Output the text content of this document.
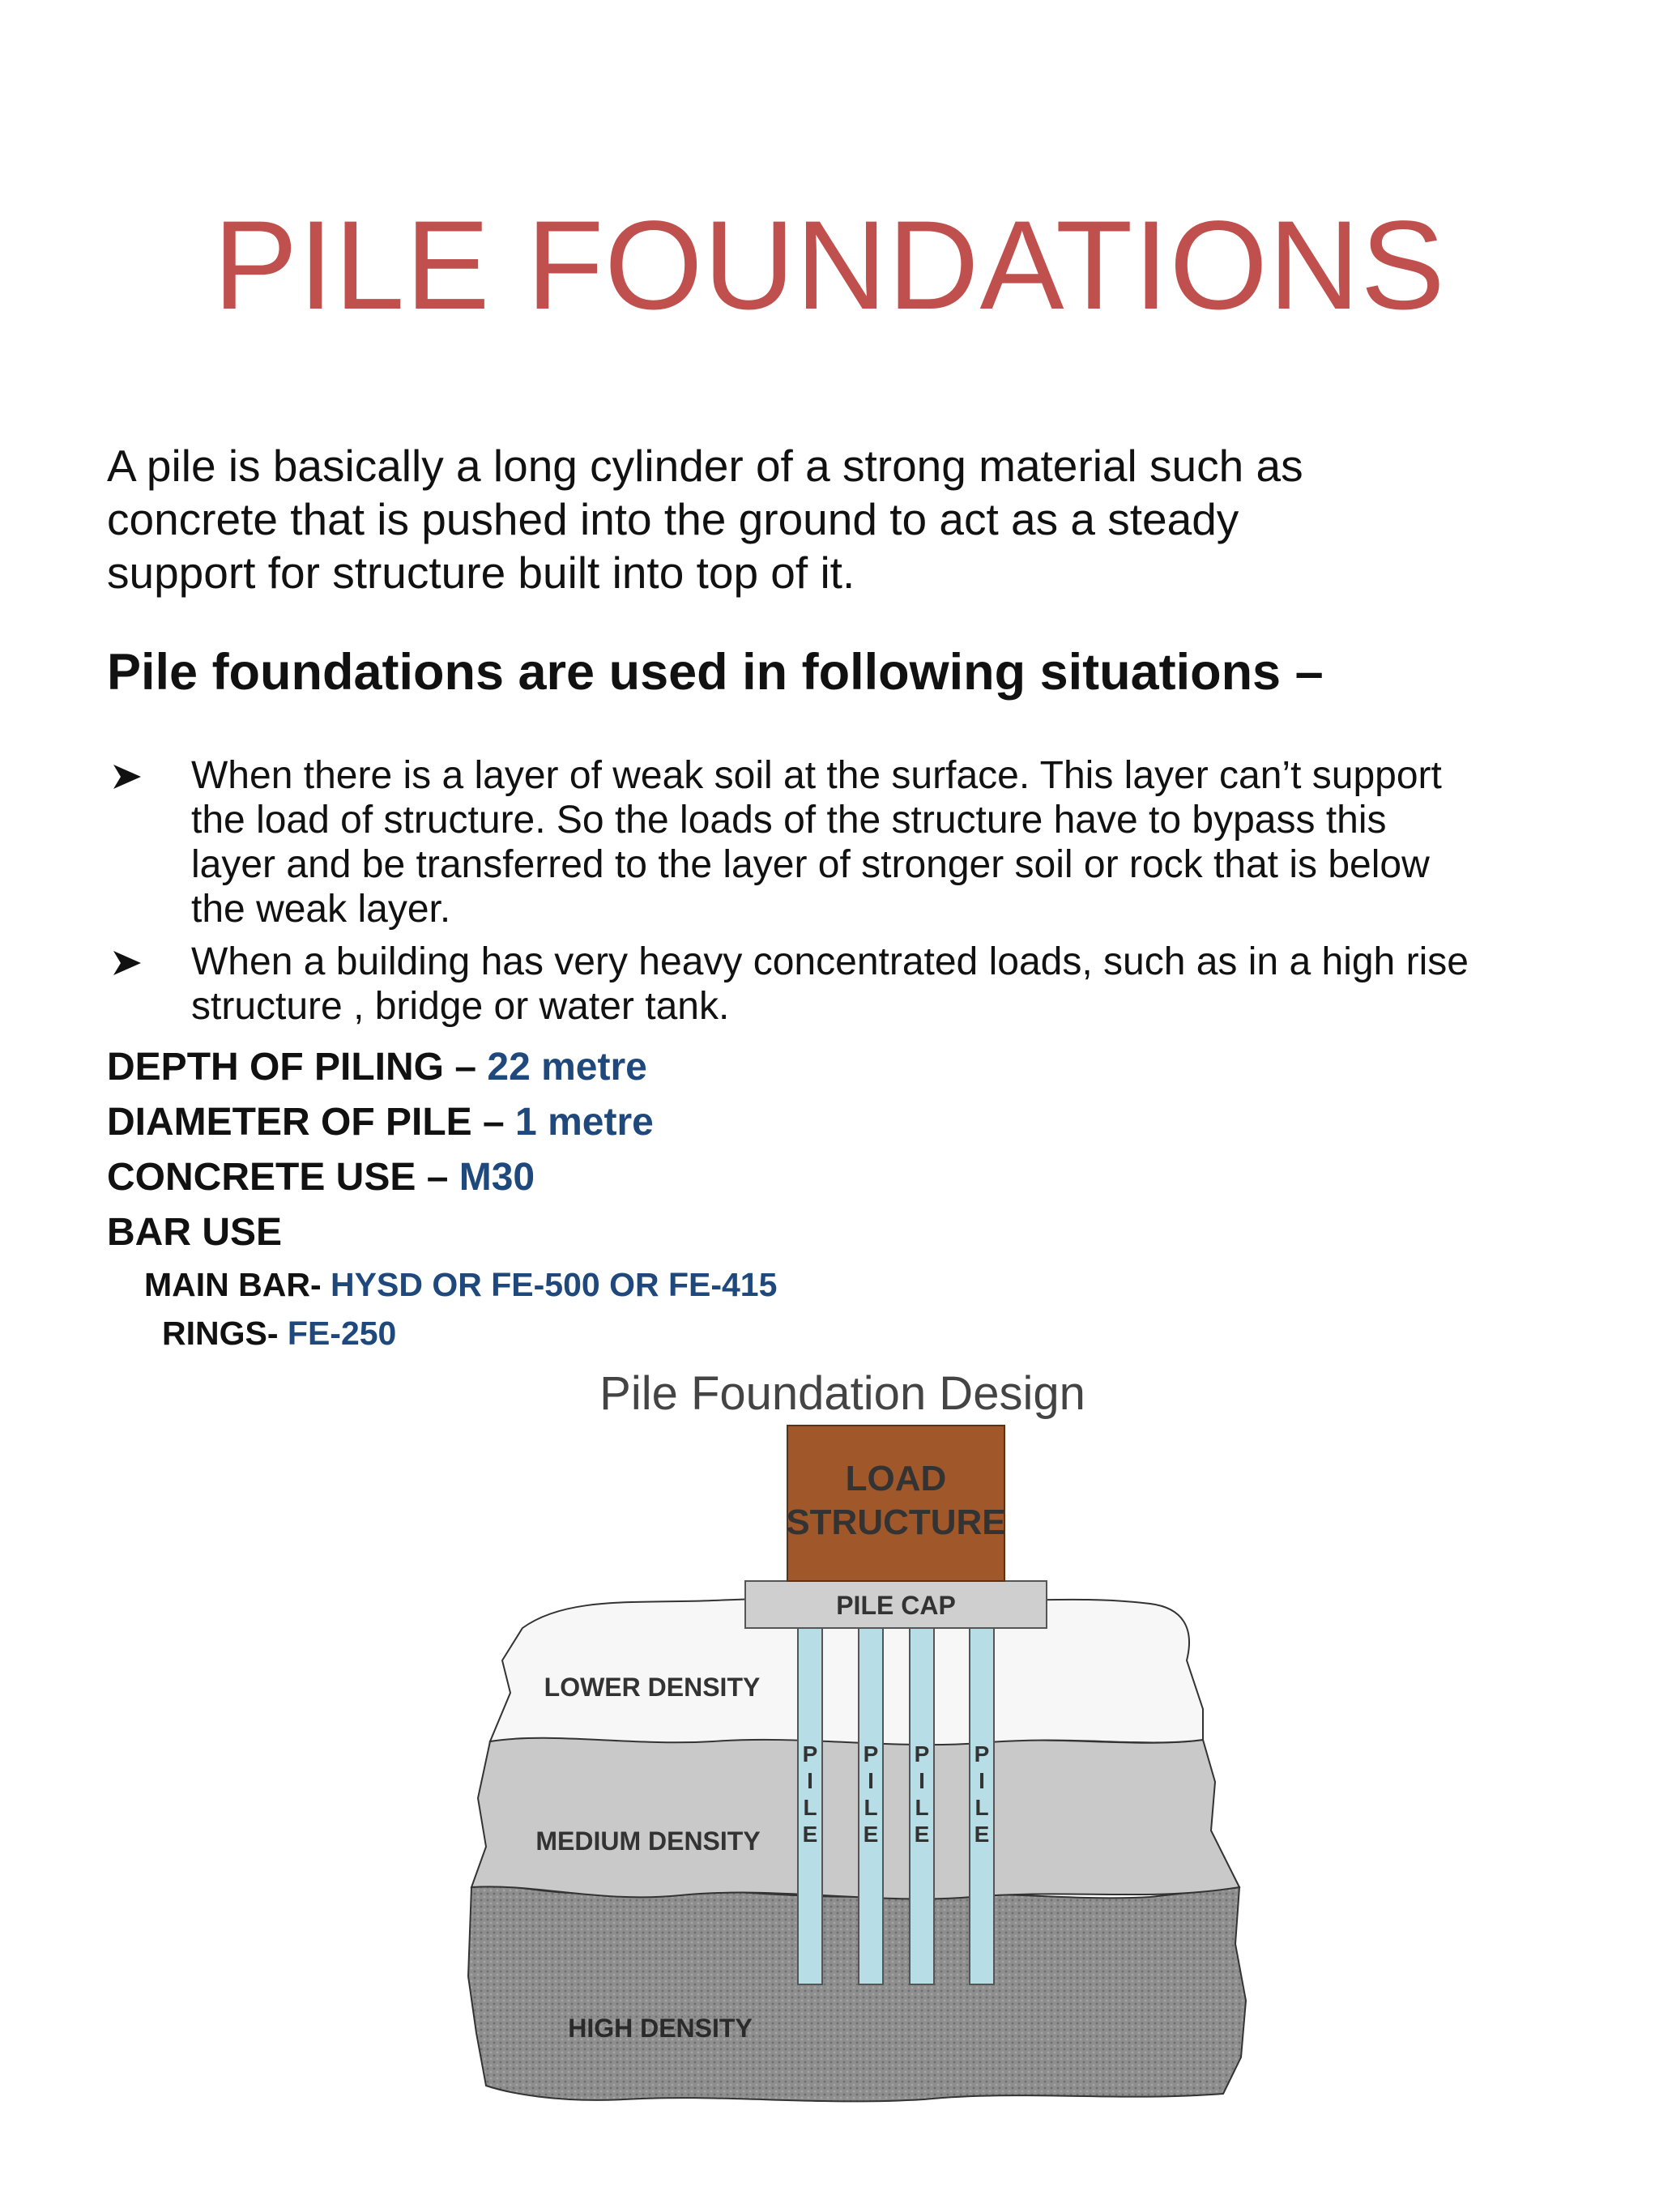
PILE FOUNDATIONS
A pile is basically a long cylinder of a strong material such as
concrete that is pushed into the ground to act as a steady
support for structure built into top of it.
Pile foundations are used in following situations –
When there is a layer of weak soil at the surface. This layer can’t support
the load of structure. So the loads of the structure have to bypass this
layer and be transferred to the layer of stronger soil or rock that is below
the weak layer.
When a building has very heavy concentrated loads, such as in a high rise
structure , bridge or water tank.
DEPTH OF PILING – 22 metre
DIAMETER OF PILE – 1 metre
CONCRETE USE – M30
BAR USE
MAIN BAR- HYSD OR FE-500 OR FE-415
RINGS- FE-250
Pile Foundation Design
P
I
L
E
P
I
L
E
P
I
L
E
P
I
L
E
PILE CAP
LOAD
STRUCTURE
LOWER DENSITY
MEDIUM DENSITY
HIGH DENSITY
